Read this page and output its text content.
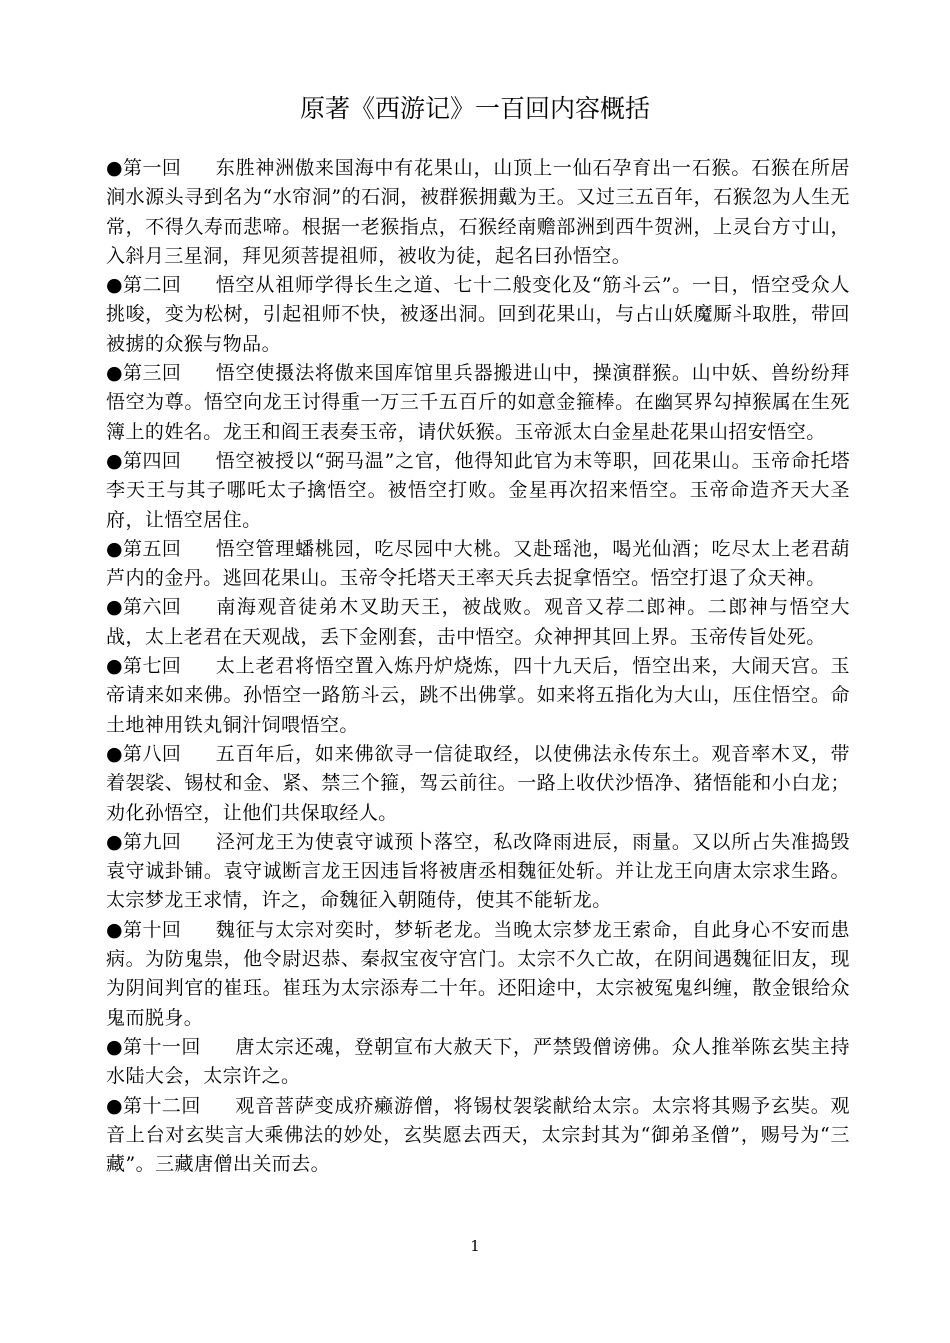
原著《西游记》一百回内容概括

●第一回 东胜神洲傲来国海中有花果山，山顶上一仙石孕育出一石猴。石猴在所居涧水源头寻到名为“水帘洞”的石洞，被群猴拥戴为王。又过三五百年，石猴忽为人生无常，不得久寿而悲啼。根据一老猴指点，石猴经南赡部洲到西牛贺洲，上灵台方寸山，入斜月三星洞，拜见须菩提祖师，被收为徒，起名曰孙悟空。

●第二回 悟空从祖师学得长生之道、七十二般变化及“筋斗云”。一日，悟空受众人挑唆，变为松树，引起祖师不快，被逐出洞。回到花果山，与占山妖魔厮斗取胜，带回被掳的众猴与物品。

●第三回 悟空使摄法将傲来国库馆里兵器搬进山中，操演群猴。山中妖、兽纷纷拜悟空为尊。悟空向龙王讨得重一万三千五百斤的如意金箍棒。在幽冥界勾掉猴属在生死簿上的姓名。龙王和阎王表奏玉帝，请伏妖猴。玉帝派太白金星赴花果山招安悟空。

●第四回 悟空被授以“弼马温”之官，他得知此官为末等职，回花果山。玉帝命托塔李天王与其子哪吒太子擒悟空。被悟空打败。金星再次招来悟空。玉帝命造齐天大圣府，让悟空居住。

●第五回 悟空管理蟠桃园，吃尽园中大桃。又赴瑶池，喝光仙酒；吃尽太上老君葫芦内的金丹。逃回花果山。玉帝令托塔天王率天兵去捉拿悟空。悟空打退了众天神。

●第六回 南海观音徒弟木叉助天王，被战败。观音又荐二郎神。二郎神与悟空大战，太上老君在天观战，丢下金刚套，击中悟空。众神押其回上界。玉帝传旨处死。

●第七回 太上老君将悟空置入炼丹炉烧炼，四十九天后，悟空出来，大闹天宫。玉帝请来如来佛。孙悟空一路筋斗云，跳不出佛掌。如来将五指化为大山，压住悟空。命土地神用铁丸铜汁饲喂悟空。

●第八回 五百年后，如来佛欲寻一信徒取经，以使佛法永传东土。观音率木叉，带着袈裟、锡杖和金、紧、禁三个箍，驾云前往。一路上收伏沙悟净、猪悟能和小白龙；劝化孙悟空，让他们共保取经人。

●第九回 泾河龙王为使袁守诚预卜落空，私改降雨进辰，雨量。又以所占失准捣毁袁守诚卦铺。袁守诚断言龙王因违旨将被唐丞相魏征处斩。并让龙王向唐太宗求生路。太宗梦龙王求情，许之，命魏征入朝随侍，使其不能斩龙。

●第十回 魏征与太宗对奕时，梦斩老龙。当晚太宗梦龙王索命，自此身心不安而患病。为防鬼祟，他令尉迟恭、秦叔宝夜守宫门。太宗不久亡故，在阴间遇魏征旧友，现为阴间判官的崔珏。崔珏为太宗添寿二十年。还阳途中，太宗被冤鬼纠缠，散金银给众鬼而脱身。

●第十一回 唐太宗还魂，登朝宣布大赦天下，严禁毁僧谤佛。众人推举陈玄奘主持水陆大会，太宗许之。

●第十二回 观音菩萨变成疥癞游僧，将锡杖袈裟献给太宗。太宗将其赐予玄奘。观音上台对玄奘言大乘佛法的妙处，玄奘愿去西天，太宗封其为“御弟圣僧”，赐号为“三藏”。三藏唐僧出关而去。

1
